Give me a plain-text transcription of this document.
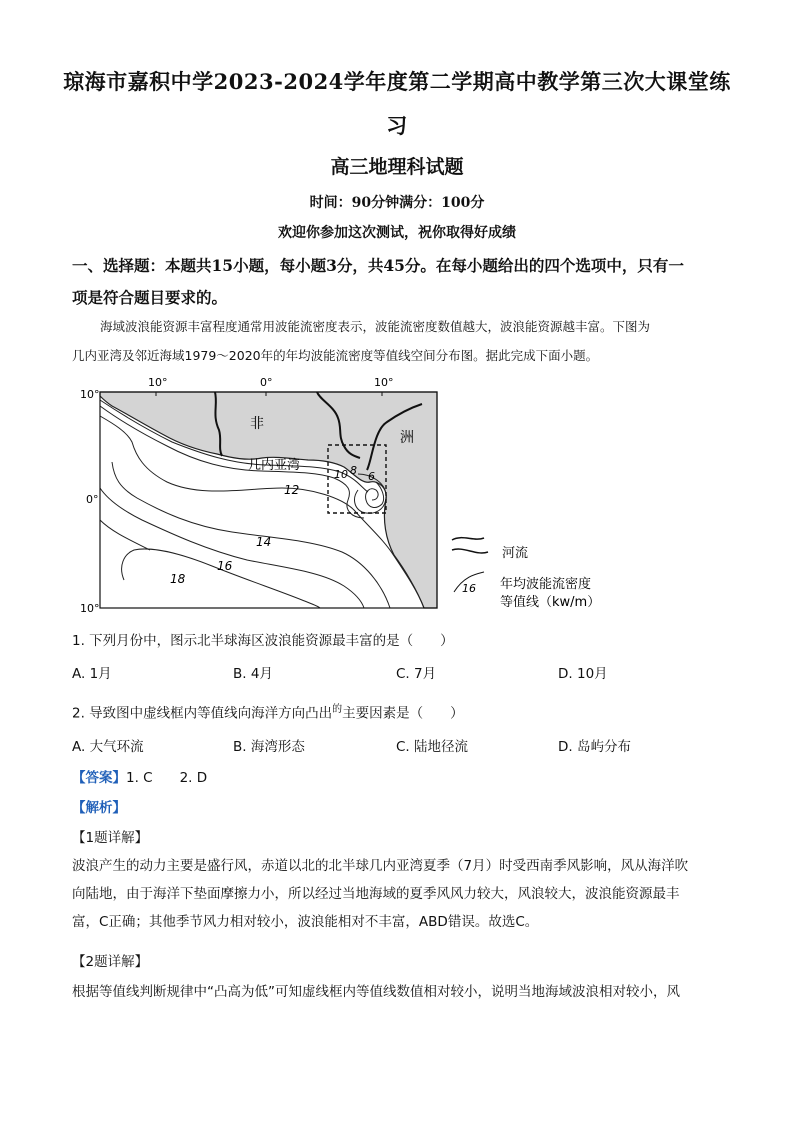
琼海市嘉积中学2023-2024学年度第二学期高中教学第三次大课堂练
习
高三地理科试题
时间：90分钟满分：100分
欢迎你参加这次测试，祝你取得好成绩
一、选择题：本题共15小题，每小题3分，共45分。在每小题给出的四个选项中，只有一
项是符合题目要求的。
海域波浪能资源丰富程度通常用波能流密度表示，波能流密度数值越大，波浪能资源越丰富。下图为
几内亚湾及邻近海域1979～2020年的年均波能流密度等值线空间分布图。据此完成下面小题。
10°	0°	10°
10°
0°
10°
非
洲
几内亚湾
10 8 6
12
14
16
18
河流
16 年均波能流密度
等值线（kw/m）
1. 下列月份中，图示北半球海区波浪能资源最丰富的是（　　）
A. 1月	B. 4月	C. 7月	D. 10月
2. 导致图中虚线框内等值线向海洋方向凸出$^的$主要因素是（　　）
A. 大气环流	B. 海湾形态	C. 陆地径流	D. 岛屿分布
【答案】1. C　　2. D
【解析】
【1题详解】
波浪产生的动力主要是盛行风，赤道以北的北半球几内亚湾夏季（7月）时受西南季风影响，风从海洋吹
向陆地，由于海洋下垫面摩擦力小，所以经过当地海域的夏季风风力较大，风浪较大，波浪能资源最丰
富，C正确；其他季节风力相对较小，波浪能相对不丰富，ABD错误。故选C。
【2题详解】
根据等值线判断规律中“凸高为低”可知虚线框内等值线数值相对较小，说明当地海域波浪相对较小，风
